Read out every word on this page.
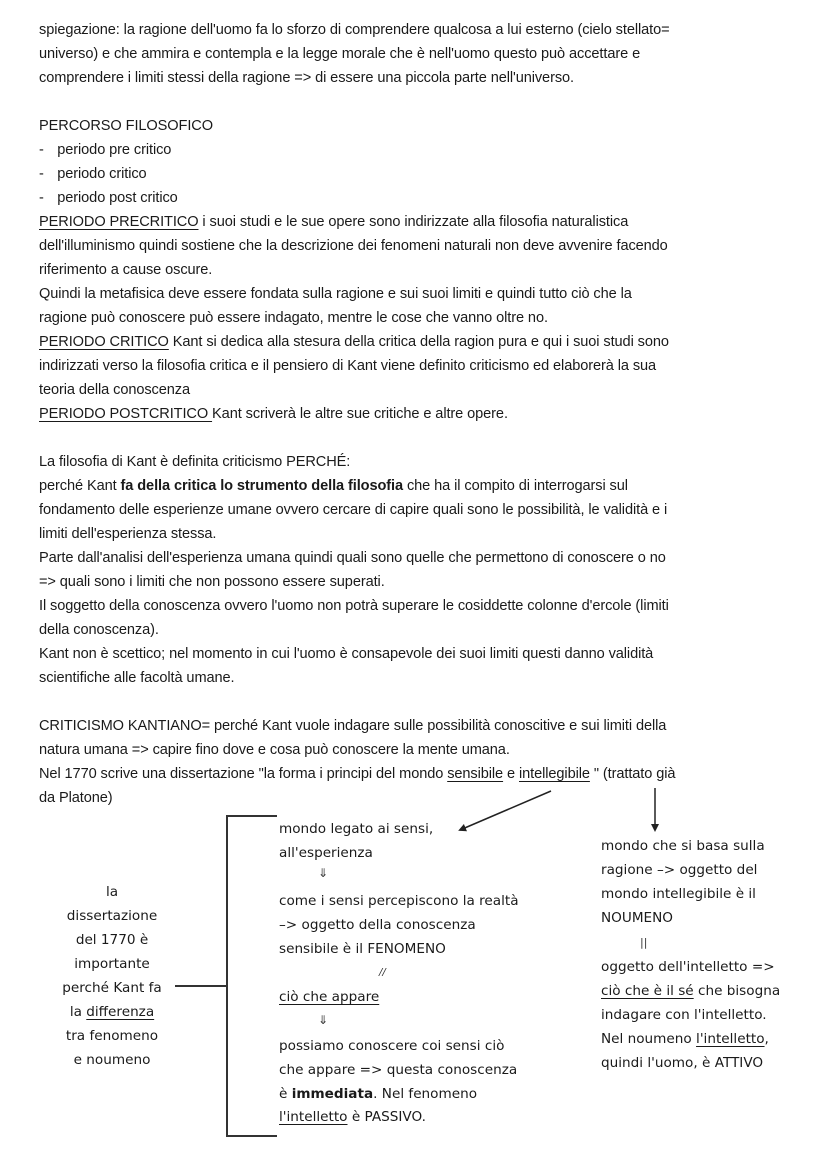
spiegazione: la ragione dell'uomo fa lo sforzo di comprendere qualcosa a lui esterno (cielo stellato=
universo) e che ammira e contempla e la legge morale che è nell'uomo questo può accettare e
comprendere i limiti stessi della ragione => di essere una piccola parte nell'universo.
PERCORSO FILOSOFICO
- periodo pre critico
- periodo critico
- periodo post critico
PERIODO PRECRITICO i suoi studi e le sue opere sono indirizzate alla filosofia naturalistica
dell'illuminismo quindi sostiene che la descrizione dei fenomeni naturali non deve avvenire facendo
riferimento a cause oscure.
Quindi la metafisica deve essere fondata sulla ragione e sui suoi limiti e quindi tutto ciò che la
ragione può conoscere può essere indagato, mentre le cose che vanno oltre no.
PERIODO CRITICO Kant si dedica alla stesura della critica della ragion pura e qui i suoi studi sono
indirizzati verso la filosofia critica e il pensiero di Kant viene definito criticismo ed elaborerà la sua
teoria della conoscenza
PERIODO POSTCRITICO Kant scriverà le altre sue critiche e altre opere.
La filosofia di Kant è definita criticismo PERCHÉ:
perché Kant fa della critica lo strumento della filosofia che ha il compito di interrogarsi sul
fondamento delle esperienze umane ovvero cercare di capire quali sono le possibilità, le validità e i
limiti dell'esperienza stessa.
Parte dall'analisi dell'esperienza umana quindi quali sono quelle che permettono di conoscere o no
=> quali sono i limiti che non possono essere superati.
Il soggetto della conoscenza ovvero l'uomo non potrà superare le cosiddette colonne d'ercole (limiti
della conoscenza).
Kant non è scettico; nel momento in cui l'uomo è consapevole dei suoi limiti questi danno validità
scientifiche alle facoltà umane.
CRITICISMO KANTIANO= perché Kant vuole indagare sulle possibilità conoscitive e sui limiti della
natura umana => capire fino dove e cosa può conoscere la mente umana.
Nel 1770 scrive una dissertazione "la forma i principi del mondo sensibile e intellegibile " (trattato già
da Platone)
la
dissertazione
del 1770 è
importante
perché Kant fa
la differenza
tra fenomeno
e noumeno
mondo legato ai sensi,
all'esperienza
⇓
come i sensi percepiscono la realtà
–> oggetto della conoscenza
sensibile è il FENOMENO
//
ciò che appare
⇓
possiamo conoscere coi sensi ciò
che appare => questa conoscenza
è immediata. Nel fenomeno
l'intelletto è PASSIVO.
mondo che si basa sulla
ragione –> oggetto del
mondo intellegibile è il
NOUMENO
||
oggetto dell'intelletto =>
ciò che è il sé che bisogna
indagare con l'intelletto.
Nel noumeno l'intelletto,
quindi l'uomo, è ATTIVO
